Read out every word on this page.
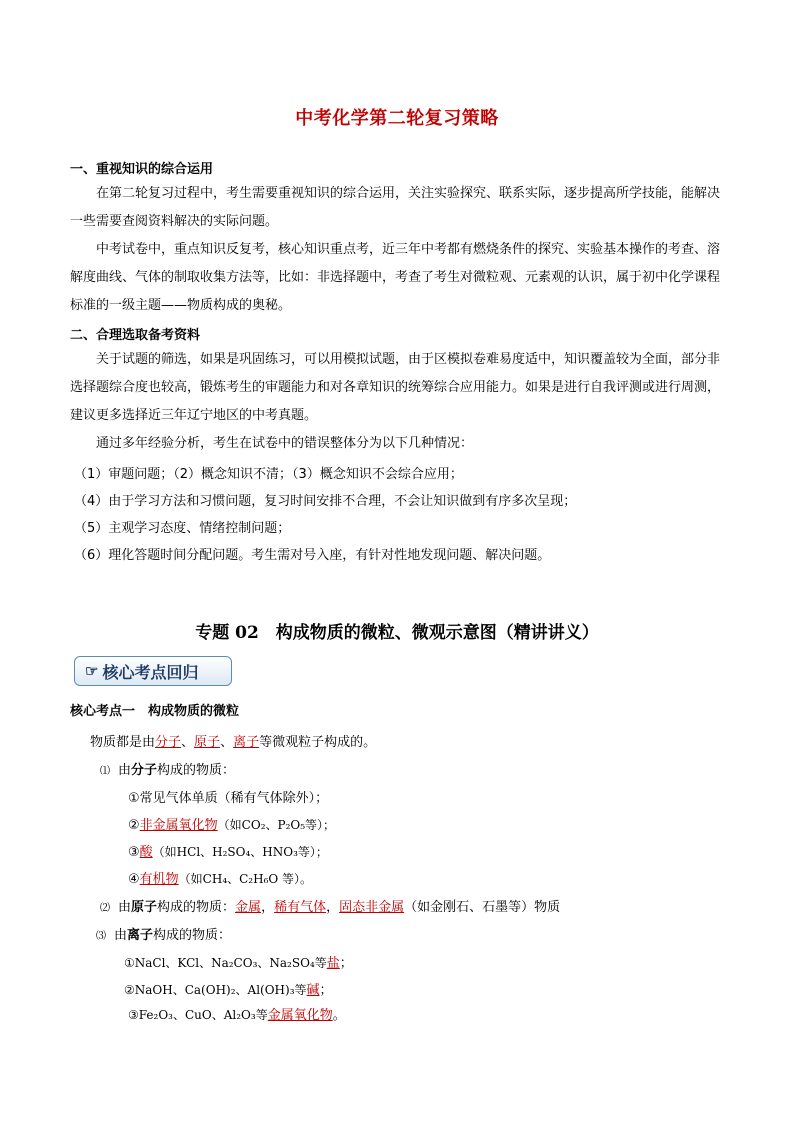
中考化学第二轮复习策略
一、重视知识的综合运用
在第二轮复习过程中，考生需要重视知识的综合运用，关注实验探究、联系实际，逐步提高所学技能，能解决一些需要查阅资料解决的实际问题。
中考试卷中，重点知识反复考，核心知识重点考，近三年中考都有燃烧条件的探究、实验基本操作的考查、溶解度曲线、气体的制取收集方法等，比如：非选择题中，考查了考生对微粒观、元素观的认识，属于初中化学课程标准的一级主题——物质构成的奥秘。
二、合理选取备考资料
关于试题的筛选，如果是巩固练习，可以用模拟试题，由于区模拟卷难易度适中，知识覆盖较为全面，部分非选择题综合度也较高，锻炼考生的审题能力和对各章知识的统筹综合应用能力。如果是进行自我评测或进行周测，建议更多选择近三年辽宁地区的中考真题。
通过多年经验分析，考生在试卷中的错误整体分为以下几种情况：
（1）审题问题；（2）概念知识不清；（3）概念知识不会综合应用；
（4）由于学习方法和习惯问题，复习时间安排不合理，不会让知识做到有序多次呈现；
（5）主观学习态度、情绪控制问题；
（6）理化答题时间分配问题。考生需对号入座，有针对性地发现问题、解决问题。
专题 02　构成物质的微粒、微观示意图（精讲讲义）
☞ 核心考点回归
核心考点一　构成物质的微粒
物质都是由分子、原子、离子等微观粒子构成的。
⑴ 由分子构成的物质：
①常见气体单质（稀有气体除外）；
②非金属氧化物（如CO₂、P₂O₅等）；
③酸（如HCl、H₂SO₄、HNO₃等）；
④有机物（如CH₄、C₂H₆O 等）。
⑵ 由原子构成的物质：金属，稀有气体，固态非金属（如金刚石、石墨等）物质
⑶ 由离子构成的物质：
①NaCl、KCl、Na₂CO₃、Na₂SO₄等盐；
②NaOH、Ca(OH)₂、Al(OH)₃等碱；
③Fe₂O₃、CuO、Al₂O₃等金属氧化物。
